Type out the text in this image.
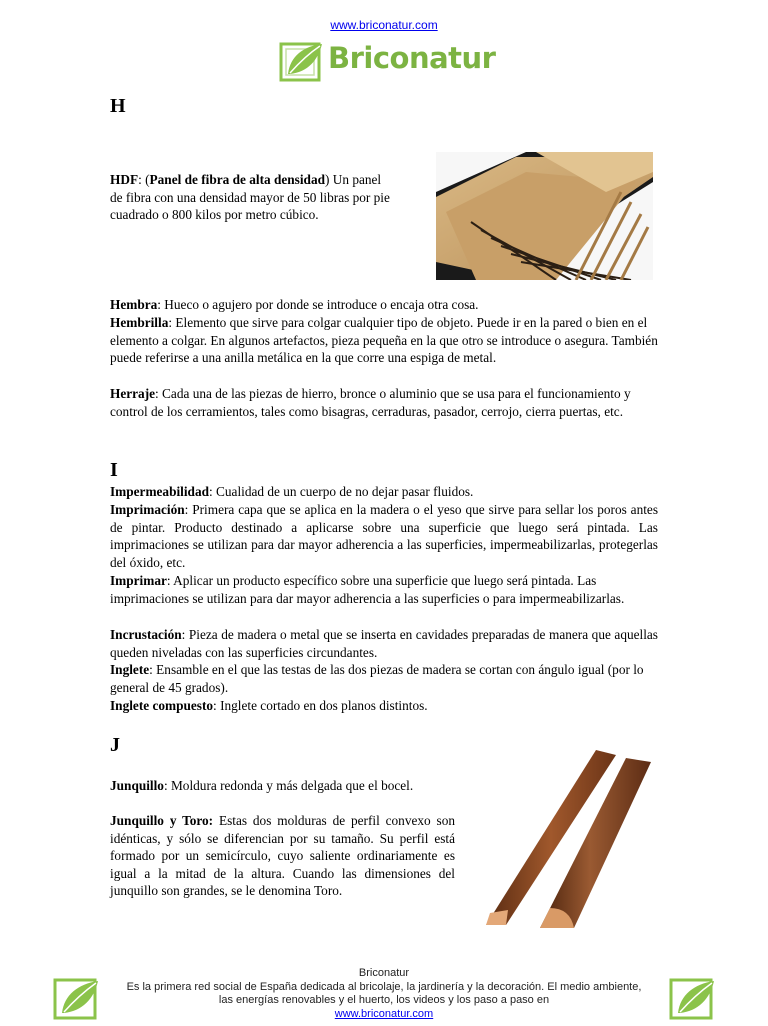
www.briconatur.com
Briconatur
H
HDF: (Panel de fibra de alta densidad) Un panel de fibra con una densidad mayor de 50 libras por pie cuadrado o 800 kilos por metro cúbico.
Hembra: Hueco o agujero por donde se introduce o encaja otra cosa.
Hembrilla: Elemento que sirve para colgar cualquier tipo de objeto. Puede ir en la pared o bien en el elemento a colgar. En algunos artefactos, pieza pequeña en la que otro se introduce o asegura. También puede referirse a una anilla metálica en la que corre una espiga de metal.
Herraje: Cada una de las piezas de hierro, bronce o aluminio que se usa para el funcionamiento y control de los cerramientos, tales como bisagras, cerraduras, pasador, cerrojo, cierra puertas, etc.
I
Impermeabilidad: Cualidad de un cuerpo de no dejar pasar fluidos.
Imprimación: Primera capa que se aplica en la madera o el yeso que sirve para sellar los poros antes de pintar. Producto destinado a aplicarse sobre una superficie que luego será pintada. Las imprimaciones se utilizan para dar mayor adherencia a las superficies, impermeabilizarlas, protegerlas del óxido, etc.
Imprimar: Aplicar un producto específico sobre una superficie que luego será pintada. Las imprimaciones se utilizan para dar mayor adherencia a las superficies o para impermeabilizarlas.
Incrustación: Pieza de madera o metal que se inserta en cavidades preparadas de manera que aquellas queden niveladas con las superficies circundantes.
Inglete: Ensamble en el que las testas de las dos piezas de madera se cortan con ángulo igual (por lo general de 45 grados).
Inglete compuesto: Inglete cortado en dos planos distintos.
J
Junquillo: Moldura redonda y más delgada que el bocel.
Junquillo y Toro: Estas dos molduras de perfil convexo son idénticas, y sólo se diferencian por su tamaño. Su perfil está formado por un semicírculo, cuyo saliente ordinariamente es igual a la mitad de la altura. Cuando las dimensiones del junquillo son grandes, se le denomina Toro.
Briconatur
Es la primera red social de España dedicada al bricolaje, la jardinería y la decoración. El medio ambiente,
las energías renovables y el huerto, los videos y los paso a paso en
www.briconatur.com
